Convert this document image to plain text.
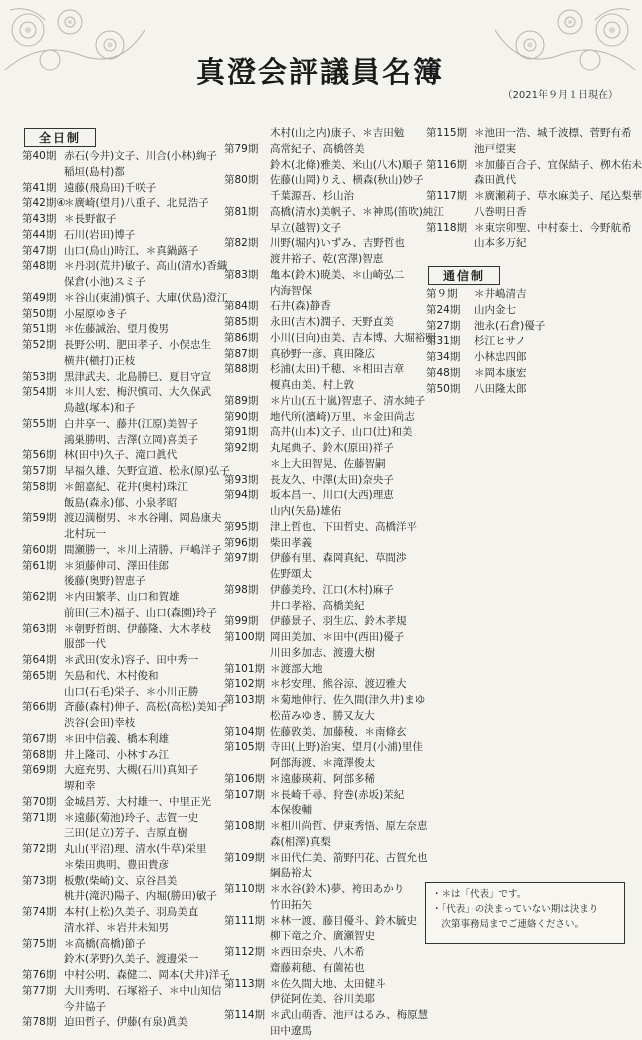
真澄会評議員名簿
（2021年９月１日現在）
全日制
第40期 赤石(今井)文子、川合(小林)絢子
稲垣(島村)都
第41期 遠藤(飛鳥田)千咲子
第42期④
＊廣崎(望月)八重子、北見浩子
第43期 ＊長野叡子
第44期 石川(岩田)博子
第47期 山口(鳥山)時江、＊真鍋蕗子
第48期 ＊丹羽(荒井)敏子、高山(清水)香織
保倉(小池)スミ子
第49期 ＊谷山(東浦)慎子、大庫(伏島)澄江
第50期 小屋原ゆき子
第51期 ＊佐藤誠治、望月俊男
第52期 長野公明、肥田孝子、小俣忠生
横井(槇打)正枝
第53期 黒津武夫、北島勝巳、夏目守宣
第54期 ＊川人宏、梅沢慎司、大久保武
鳥越(塚本)和子
第55期 白井享一、藤井(江原)美智子
鴻巣勝明、吉澤(立岡)喜美子
第56期 林(田中)久子、滝口眞代
第57期 早福久雄、矢野宣道、松永(原)弘子
第58期 ＊館嘉紀、花井(奥村)珠江
飯島(森永)郁、小泉孝昭
第59期 渡辺満樹男、＊水谷剛、岡島康夫
北村玩一
第60期 間瀬勝一、＊川上清勝、戸嶋洋子
第61期 ＊須藤伸司、澤田佳郎
後藤(奥野)智恵子
第62期 ＊内田繁孝、山口和賀雄
前田(三木)福子、山口(森園)玲子
第63期 ＊朝野哲朗、伊藤隆、大木孝枝
服部一代
第64期 ＊武田(安永)容子、田中秀一
第65期 矢島和代、木村俊和
山口(石毛)栄子、＊小川正勝
第66期 斉藤(森村)伸子、高松(高松)美知子
渋谷(会田)幸枝
第67期 ＊田中信義、橋本利雄
第68期 井上隆司、小林すみ江
第69期 大庭充男、大槻(石川)真知子
堺和幸
第70期 金城昌芳、大村雄一、中里正光
第71期 ＊遠藤(菊池)玲子、志賀一史
三田(足立)芳子、吉原直樹
第72期 丸山(平沼)理、清水(牛草)栄里
＊柴田典明、豊田貴彦
第73期 板敷(柴崎)文、京谷昌美
桃井(滝沢)陽子、内堀(勝田)敏子
第74期 本村(上松)久美子、羽鳥美直
清水祥、＊岩井未知男
第75期 ＊高橋(高橋)節子
鈴木(茅野)久美子、渡邊栄一
第76期 中村公明、森健二、岡本(犬井)洋子
第77期 大川秀明、石塚裕子、＊中山知信
今井協子
第78期 迫田哲子、伊藤(有泉)眞美
木村(山之内)康子、＊吉田勉
第79期	高常紀子、高橋啓美
鈴木(北條)雅美、米山(八木)順子
第80期	佐藤(山岡)りえ、横森(秋山)妙子
千葉源吾、杉山治
第81期	高橋(清水)美帆子、＊神馬(笛吹)純江
早立(越智)文子
第82期	川野(堀内)いずみ、吉野哲也
渡井裕子、乾(宮澤)智恵
第83期	亀本(鈴木)暁美、＊山崎弘二
内海智保
第84期	石井(森)静香
第85期	永田(吉木)潤子、天野直美
第86期	小川(日向)由美、吉本博、大堀裕明
第87期	真砂野一彦、真田隆広
第88期	杉浦(太田)千穂、＊相田吉章
榎真由美、村上敦
第89期	＊片山(五十嵐)智恵子、清水純子
第90期	地代所(濱崎)万里、＊金田尚志
第91期	高井(山本)文子、山口(辻)和美
第92期	丸尾典子、鈴木(原田)祥子
＊上大田智晃、佐藤智嗣
第93期	長友久、中澤(太田)奈央子
第94期	坂本昌一、川口(大西)理恵
山内(矢島)雄佑
第95期	津上哲也、下田哲史、高橋洋平
第96期	柴田孝義
第97期	伊藤有里、森岡真紀、草間渉
佐野頌太
第98期	伊藤美玲、江口(木村)麻子
井口孝裕、高橋美紀
第99期	伊藤景子、羽生広、鈴木孝規
第100期 岡田美加、＊田中(西田)優子
川田多加志、渡邊大樹
第101期 ＊渡部大地
第102期 ＊杉安理、熊谷涼、渡辺雅大
第103期 ＊菊地伸行、佐久間(津久井)まゆ
松苗みゆき、勝又友大
第104期 佐藤敦美、加藤稜、＊南條玄
第105期 寺田(上野)治実、望月(小浦)里佳
阿部海渡、＊滝澤俊太
第106期 ＊遠藤瑛莉、阿部多稀
第107期 ＊長崎千尋、狩巻(赤坂)茉紀
本保俊輔
第108期 ＊相川尚哲、伊東秀悟、原左奈恵
森(相澤)真梨
第109期 ＊田代仁美、箭野円花、古賀允也
綱島裕太
第110期 ＊水谷(鈴木)夢、袴田あかり
竹田拓矢
第111期 ＊林一渡、藤目優斗、鈴木毓史
柳下竜之介、廣瀬智史
第112期 ＊西田奈央、八木希
齋藤莉穂、有薗祐也
第113期 ＊佐久間大地、太田健斗
伊従阿佐美、谷川美耶
第114期 ＊武山萌香、池戸はるみ、梅原慧
田中遼馬
第115期 ＊池田一浩、城千波標、菅野有希
池戸望実
第116期 ＊加藤百合子、宜保結子、栁木佑未
森田眞代
第117期 ＊廣瀬莉子、草水麻美子、尾込梨華
八巻明日香
第118期 ＊東宗卯聖、中村泰士、今野航希
山本多万紀
通信制
第９期	＊井嶋清吉
第24期	山内金七
第27期	池永(石倉)優子
第31期	杉江ヒサノ
第34期	小林忠四郎
第48期	＊岡本康宏
第50期	八田隆太郎

・＊は「代表」です。

・「代表」の決まっていない期は決まり

　次第事務局までご連絡ください。
